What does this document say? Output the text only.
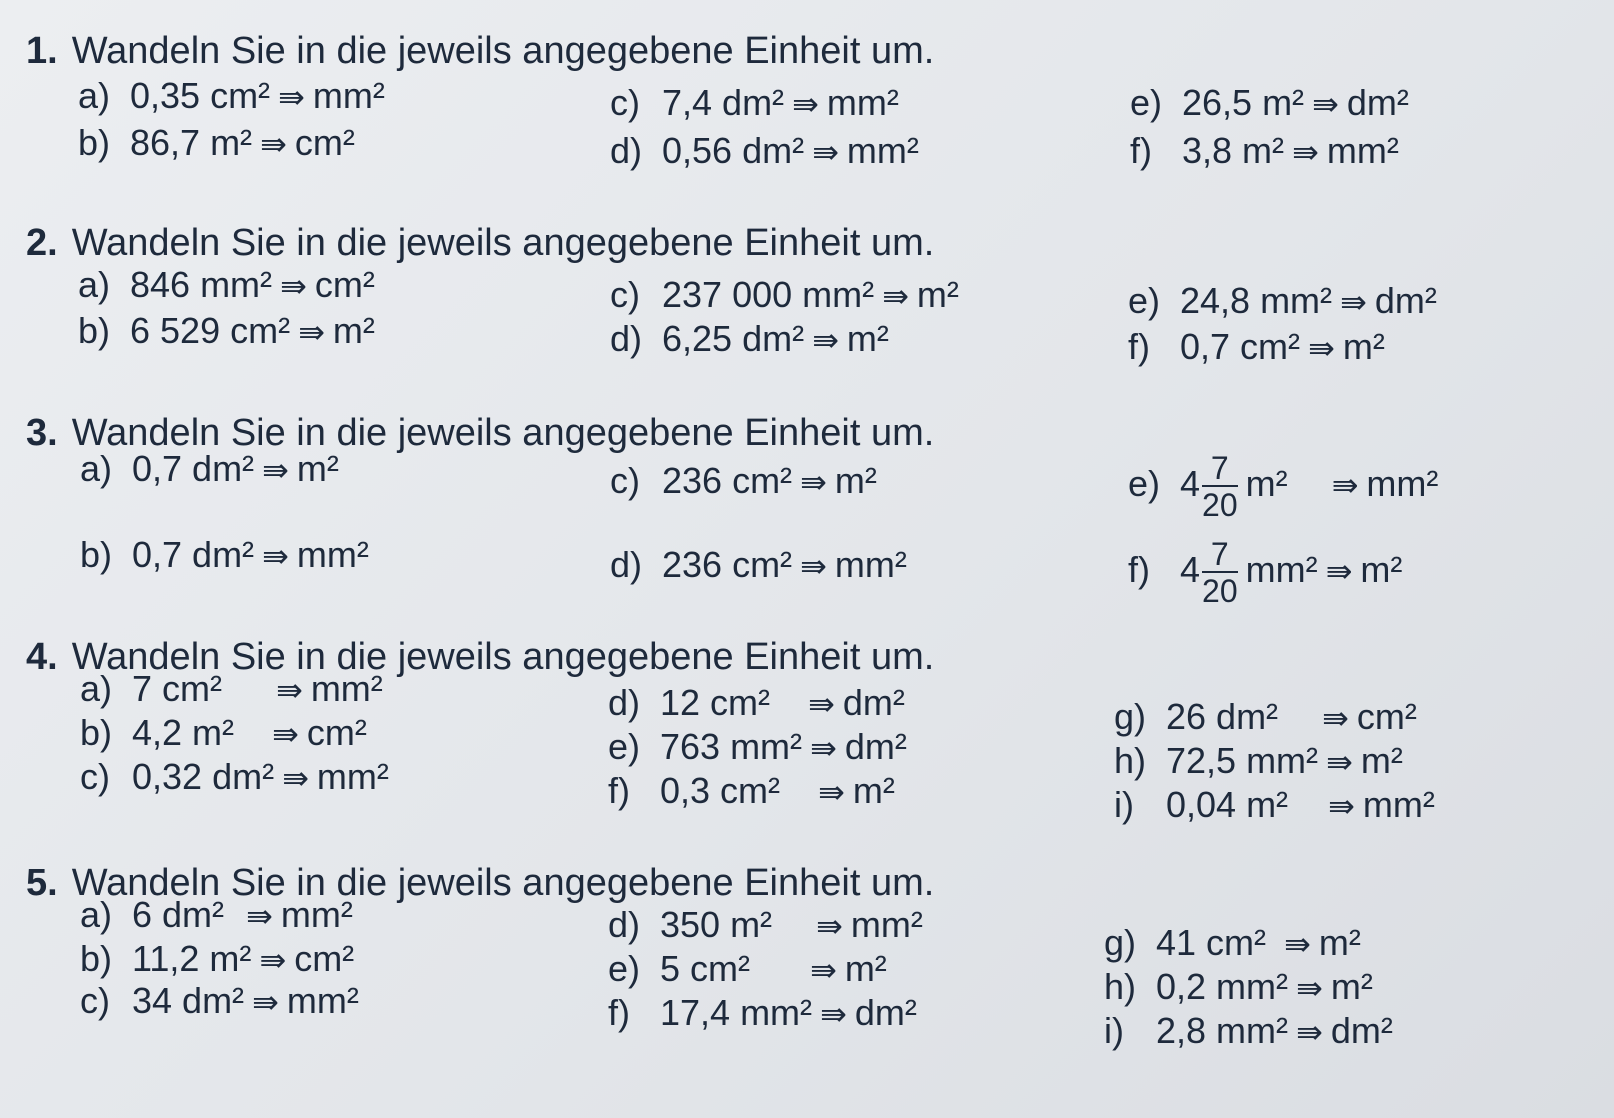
1. Wandeln Sie in die jeweils angegebene Einheit um.
a) 0,35 cm² ⇛ mm²
b) 86,7 m² ⇛ cm²
c) 7,4 dm² ⇛ mm²
d) 0,56 dm² ⇛ mm²
e) 26,5 m² ⇛ dm²
f) 3,8 m² ⇛ mm²
2. Wandeln Sie in die jeweils angegebene Einheit um.
a) 846 mm² ⇛ cm²
b) 6 529 cm² ⇛ m²
c) 237 000 mm² ⇛ m²
d) 6,25 dm² ⇛ m²
e) 24,8 mm² ⇛ dm²
f) 0,7 cm² ⇛ m²
3. Wandeln Sie in die jeweils angegebene Einheit um.
a) 0,7 dm² ⇛ m²
b) 0,7 dm² ⇛ mm²
c) 236 cm² ⇛ m²
d) 236 cm² ⇛ mm²
e) $4 \frac{7}{20} m^2$ ⇛ mm²
f) $4 \frac{7}{20} mm^2$ ⇛ m²
4. Wandeln Sie in die jeweils angegebene Einheit um.
a) 7 cm² ⇛ mm²
b) 4,2 m² ⇛ cm²
c) 0,32 dm² ⇛ mm²
d) 12 cm² ⇛ dm²
e) 763 mm² ⇛ dm²
f) 0,3 cm² ⇛ m²
g) 26 dm² ⇛ cm²
h) 72,5 mm² ⇛ m²
i) 0,04 m² ⇛ mm²
5. Wandeln Sie in die jeweils angegebene Einheit um.
a) 6 dm² ⇛ mm²
b) 11,2 m² ⇛ cm²
c) 34 dm² ⇛ mm²
d) 350 m² ⇛ mm²
e) 5 cm² ⇛ m²
f) 17,4 mm² ⇛ dm²
g) 41 cm² ⇛ m²
h) 0,2 mm² ⇛ m²
i) 2,8 mm² ⇛ dm²
